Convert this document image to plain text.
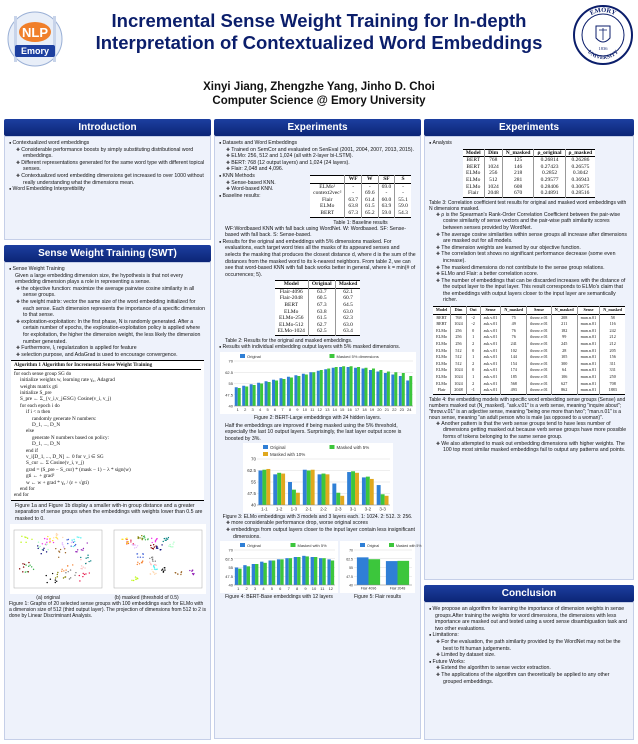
NLP
Emory
Incremental Sense Weight Training for In-depth Interpretation of Contextualized Word Embeddings
Xinyi Jiang, Zhengzhe Yang, Jinho D. Choi
Computer Science @ Emory University
EMORY
UNIVERSITY
1836
Introduction
● Contextualized word embeddings
❖ Considerable performance boosts by simply substituting distributional word embeddings.
❖ Different representations generated for the same word type with different topical senses.
❖ Contextualized word embedding dimensions get increased to over 1000 without really understanding what the dimensions mean.
● Word Embedding Interpretibility
Sense Weight Training (SWT)
● Sense Weight Training
Given a large embedding dimension size, the hypothesis is that not every embedding dimension plays a role in representing a sense.
❖ the objective function: maximize the average pairwise cosine similarity in all sense groups.
❖ the weight matrix: vector the same size of the word embedding initialized for each sense. Each dimension represents the importance of a specific dimension to that sense.
❖ exploration-exploitation: In the first phase, N is randomly generated. After a certain number of epochs, the exploration-exploitation policy is applied where for exploitation, the higher the dimension weight, the less likely the dimension number generated.
❖ Furthermore, l₁ regularization is applied for feature
❖ selection purpose, and AdaGrad is used to encourage convergence.
Algorithm 1 Algorithm for Incremental Sense Weight Training
for each sense group SG do
initialize weights w, learning rate γ₀, Adagrad
weights matrix gti
initialize S_pre
S_pre ← Σ_{v_i,v_j∈SG} Cosine(v_i, v_j)
for each epoch i do
if i < n then
randomly generate N numbers:
D_1, ..., D_N
else
generate N numbers based on policy:
D_1, ..., D_N
end if
v_i[D_1, ..., D_N] ← 0 for v_i ∈ SG
S_cur ← Σ Cosine(v_i, v_j)
grad = (S_pre − S_cur) * (mask − 1) − λ * sign(w)
gti ← + grad²
w ← w + grad * γ₀ / (ε + √gti)
end for
end for
Figure 1a and Figure 1b display a smaller with-in group distance and a greater separation of sense groups when the embeddings with weights lower than 0.5 are masked to 0.
(a) original	(b) masked (threshold of 0.5)
Figure 1: Graphs of 20 selected sense groups with 100 embeddings each for ELMo with a dimension size of 512 (third output layer). The projection of dimensions from 512 to 2 is done by Linear Discriminant Analysis.
Experiments
● Datasets and Word Embeddings
❖ Trained on SemCor and evaluated on SenEval (2001, 2004, 2007, 2013, 2015).
❖ ELMo: 256, 512 and 1,024 (all with 2-layer bi-LSTM).
❖ BERT: 768 (12 output layers) and 1,024 (24 layers).
❖ Flair: 2,048 and 4,096.
● KNN Methods
❖ Sense-based KNN.
❖ Word-based KNN.
● Baseline results:
	WF	W	SF	S
ELMo¹	-	-	69.0	-
context2vec²	-	69.6	-	-
Flair	63.7	61.4	60.0	55.1
ELMo	63.8	61.5	63.9	59.0
BERT	67.3	65.2	59.0	54.3
Table 1: Baseline results
WF:Wordbased KNN with fall back using WordNet. W: Wordbased. SF: Sense-based with fall back. S: Sense-based.
● Results for the original and embeddings with 5% dimensions masked. For evaluations, each target word tries all the masks of its appeared senses and selects the masking that produces the closest distance d, where d is the sum of the distances from the masked word to its k-nearest neighbors. From table 2, we can see that word-based KNN with fall back works better in general, where k = min(# of occurrences; 5).
Model	Original	Masked
Flair-4096	63.7	62.1
Flair-2048	60.5	60.7
BERT	67.3	64.5
ELMo	63.8	63.0
ELMo-256	61.5	62.3
ELMo-512	62.7	63.0
ELMo-1024	62.5	63.4
Table 2: Results for the original and masked embeddings.
● Results with individual embedding output layers with 5% masked dimensions.
Original	Masked 5% dimensions
40
47.5
55
62.5
70
1 2 3 4 5 6 7 8 9 10 11 12 13 14 15 16 17 18 19 20 21 22 23 24
Figure 2: BERT-Large embeddings with 24 hidden layers.
Half the embeddings are improved if being masked using the 5% threshold, especially the last 10 output layers. Surprisingly, the last layer output score is boosted by 3%.
Original	Masked with 5%
Masked with 10%
40
47.5
55
62.5
70
1-1 1-2 1-3 2-1 2-2 2-3 3-1 3-2 3-3
Figure 3: ELMo embeddings with 3 models and 3 layers each. 1: 1024. 2: 512. 3: 256.
❖ more considerable performance drop, worse original scores
❖ embeddings from output layers closer to the input layer contain less insignificant dimensions.
Original	Masked with 5%
40
47.5
55
62.5
70
1 2 3 4 5 6 7 8 9 10 11 12
Figure 4: BERT-Base embeddings with 12 layers
Original	Masked with 5%
40
47.5
55
62.5
70
Flair 4096	Flair 2048
Figure 5: Flair results
Experiments
● Analysis
Model	Dim	N_masked	ρ_original	ρ_masked
BERT	768	125	0.26814	0.26286
BERT	1024	146	0.27423	0.26575
ELMo	256	218	0.2852	0.3042
ELMo	512	281	0.29577	0.36943
ELMo	1024	608	0.28406	0.30675
Flair	2048	670	0.24891	0.28516
Table 3: Correlation coefficient test results for original and masked word embeddings with N dimensions masked.
❖ ρ is the Spearman's Rank-Order Correlation Coefficient between the pair-wise cosine similarity of sense vectors and the pair-wise path similarity scores between senses provided by WordNet.
❖ The average cosine similarities within sense groups all increase after dimensions are masked out for all models.
❖ The dimension weights are learned by our objective function.
❖ The correlation test shows no significant performance decrease (some even increase).
❖ The masked dimensions do not contribute to the sense group relations.
❖ ELMo and Flair: a better correlation score.
❖ The number of embeddings that can be discarded increases with the distance of the output layer to the input layer. This result corresponds to ELMo's claim that the embeddings with output layers closer to the input layer are semantically richer.
Model	Dim	Out	Sense	N_masked	Sense	N_masked	Sense	N_masked
BERT	768	-2	ask.v.01	75	throw.v.01	208	man.n.01	58
BERT	1024	-2	ask.v.01	49	throw.v.01	211	man.n.01	116
ELMo	256	0	ask.v.01	76	throw.v.01	182	man.n.01	242
ELMo	256	1	ask.v.01	76	throw.v.01	99	man.n.01	212
ELMo	256	2	ask.v.01	241	throw.v.01	245	man.n.01	212
ELMo	512	0	ask.v.01	102	throw.v.01	28	man.n.01	205
ELMo	512	1	ask.v.01	144	throw.v.01	105	man.n.01	156
ELMo	512	2	ask.v.01	154	throw.v.01	300	man.n.01	311
ELMo	1024	0	ask.v.01	174	throw.v.01	64	man.n.01	331
ELMo	1024	1	ask.v.01	185	throw.v.01	106	man.n.01	250
ELMo	1024	2	ask.v.01	568	throw.v.01	627	man.n.01	708
Flair	2048	-1	ask.v.01	493	throw.v.01	862	man.n.01	1883
Table 4: the embedding models with specific word embedding sense groups (Sense) and numbers masked out (N_masked). "ask.v.01" is a verb sense, meaning "inquire about"; "throw.v.01" is an adjective sense, meaning "being one more than two"; "man.n.01" is a noun sense, meaning "an adult person who is male (as opposed to a woman)".
❖ Another pattern is that the verb sense groups tend to have less number of dimensions getting masked out because verb sense groups have more possible forms of tokens belonging to the same sense group.
❖ We also attempted to mask out embedding dimensions with higher weights. The 100 top most similar masked embeddings fail to output any patterns and points.
Conclusion
● We propose an algorithm for learning the importance of dimension weights in sense groups.After training the weights for word dimensions, the dimensions with less importance are masked out and tested using a word sense disambiguation task and two other evaluations.
● Limitations:
❖ For the evaluation, the path similarity provided by the WordNet may not be the best to fit human judgements.
❖ Limited by dataset size.
● Future Works:
❖ Extend the algorithm to sense vector extraction.
❖ The applications of the algorithm can theoretically be applied to any other grouped embeddings.
